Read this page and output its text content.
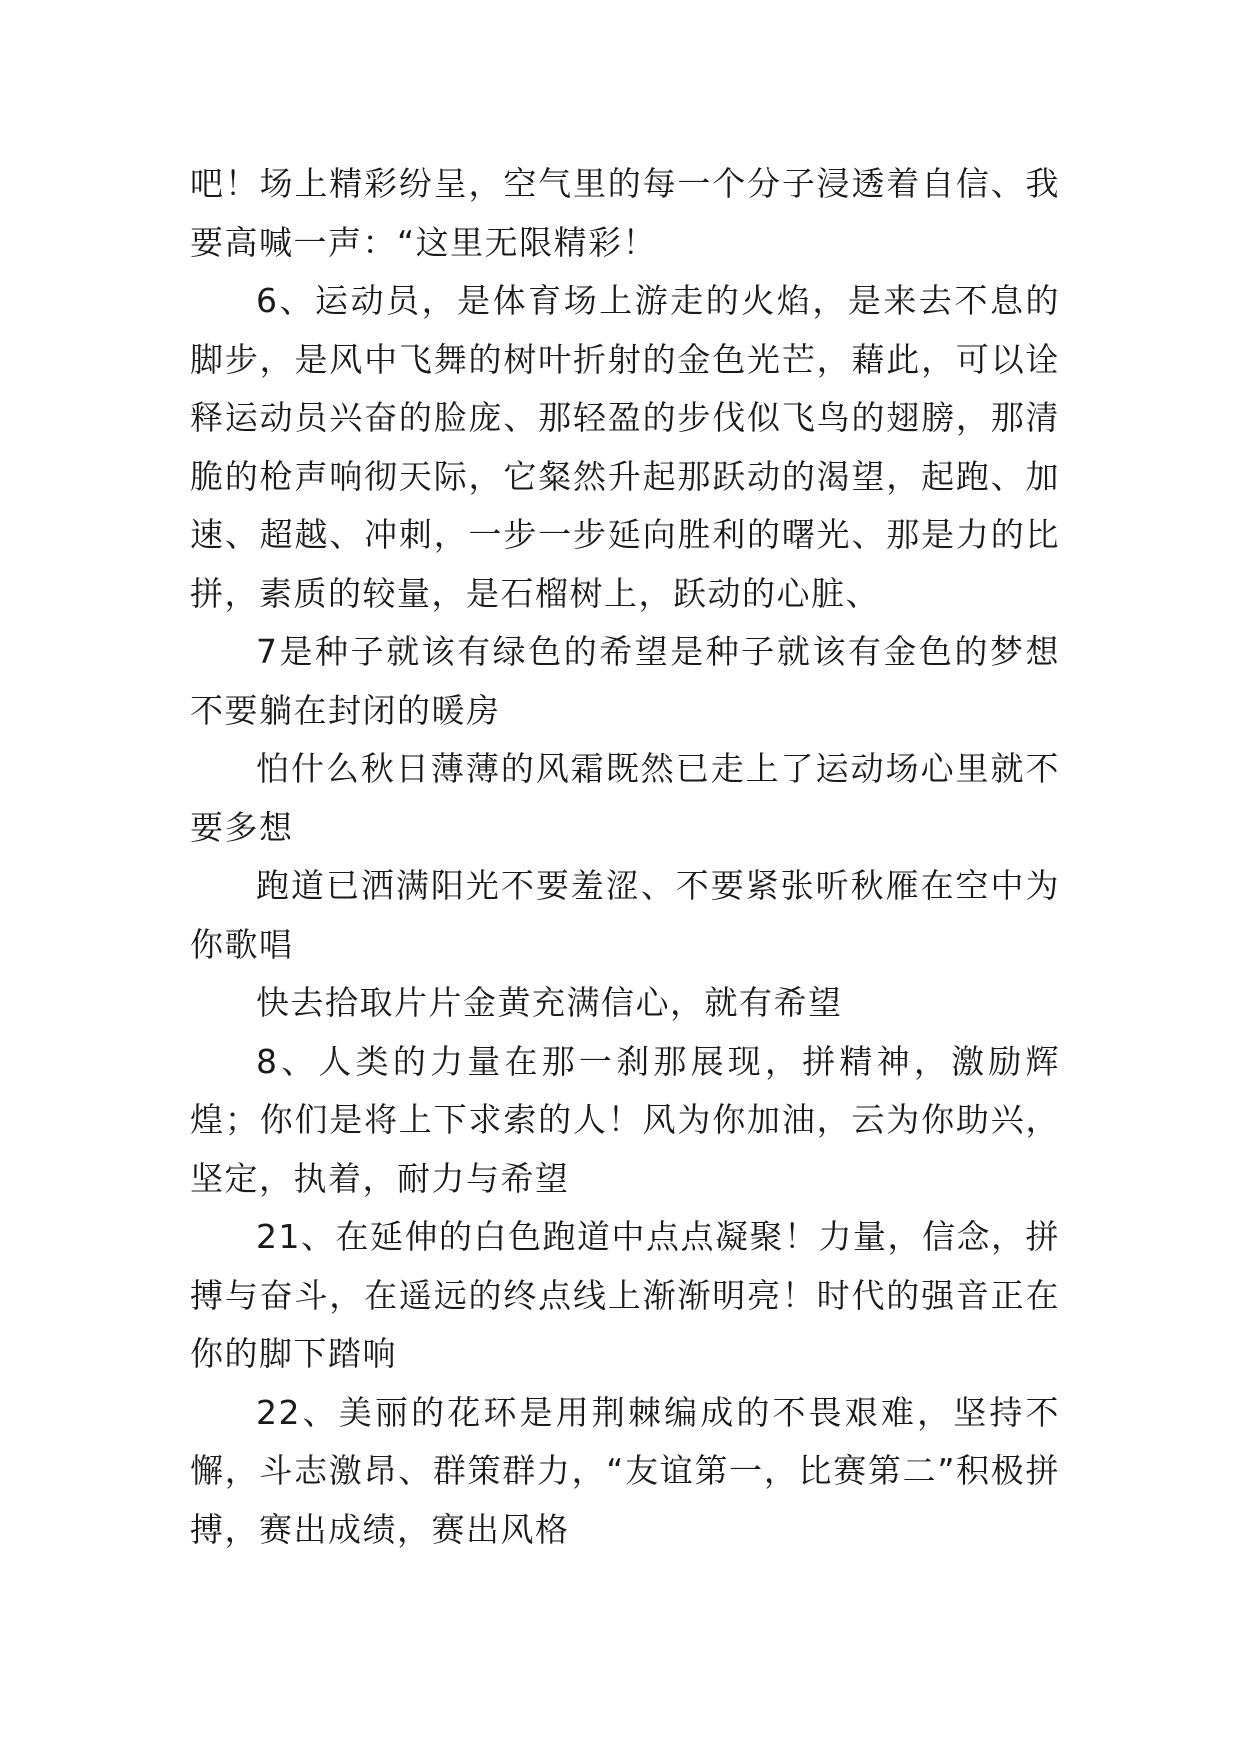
吧！场上精彩纷呈，空气里的每一个分子浸透着自信、我要高喊一声：“这里无限精彩！

6、运动员，是体育场上游走的火焰，是来去不息的脚步，是风中飞舞的树叶折射的金色光芒，藉此，可以诠释运动员兴奋的脸庞、那轻盈的步伐似飞鸟的翅膀，那清脆的枪声响彻天际，它粲然升起那跃动的渴望，起跑、加速、超越、冲刺，一步一步延向胜利的曙光、那是力的比拼，素质的较量，是石榴树上，跃动的心脏、

7是种子就该有绿色的希望是种子就该有金色的梦想不要躺在封闭的暖房

怕什么秋日薄薄的风霜既然已走上了运动场心里就不要多想

跑道已洒满阳光不要羞涩、不要紧张听秋雁在空中为你歌唱

快去拾取片片金黄充满信心，就有希望

8、人类的力量在那一刹那展现，拼精神，激励辉煌；你们是将上下求索的人！风为你加油，云为你助兴，坚定，执着，耐力与希望

21、在延伸的白色跑道中点点凝聚！力量，信念，拼搏与奋斗，在遥远的终点线上渐渐明亮！时代的强音正在你的脚下踏响

22、美丽的花环是用荆棘编成的不畏艰难，坚持不懈，斗志激昂、群策群力，“友谊第一，比赛第二”积极拼搏，赛出成绩，赛出风格
